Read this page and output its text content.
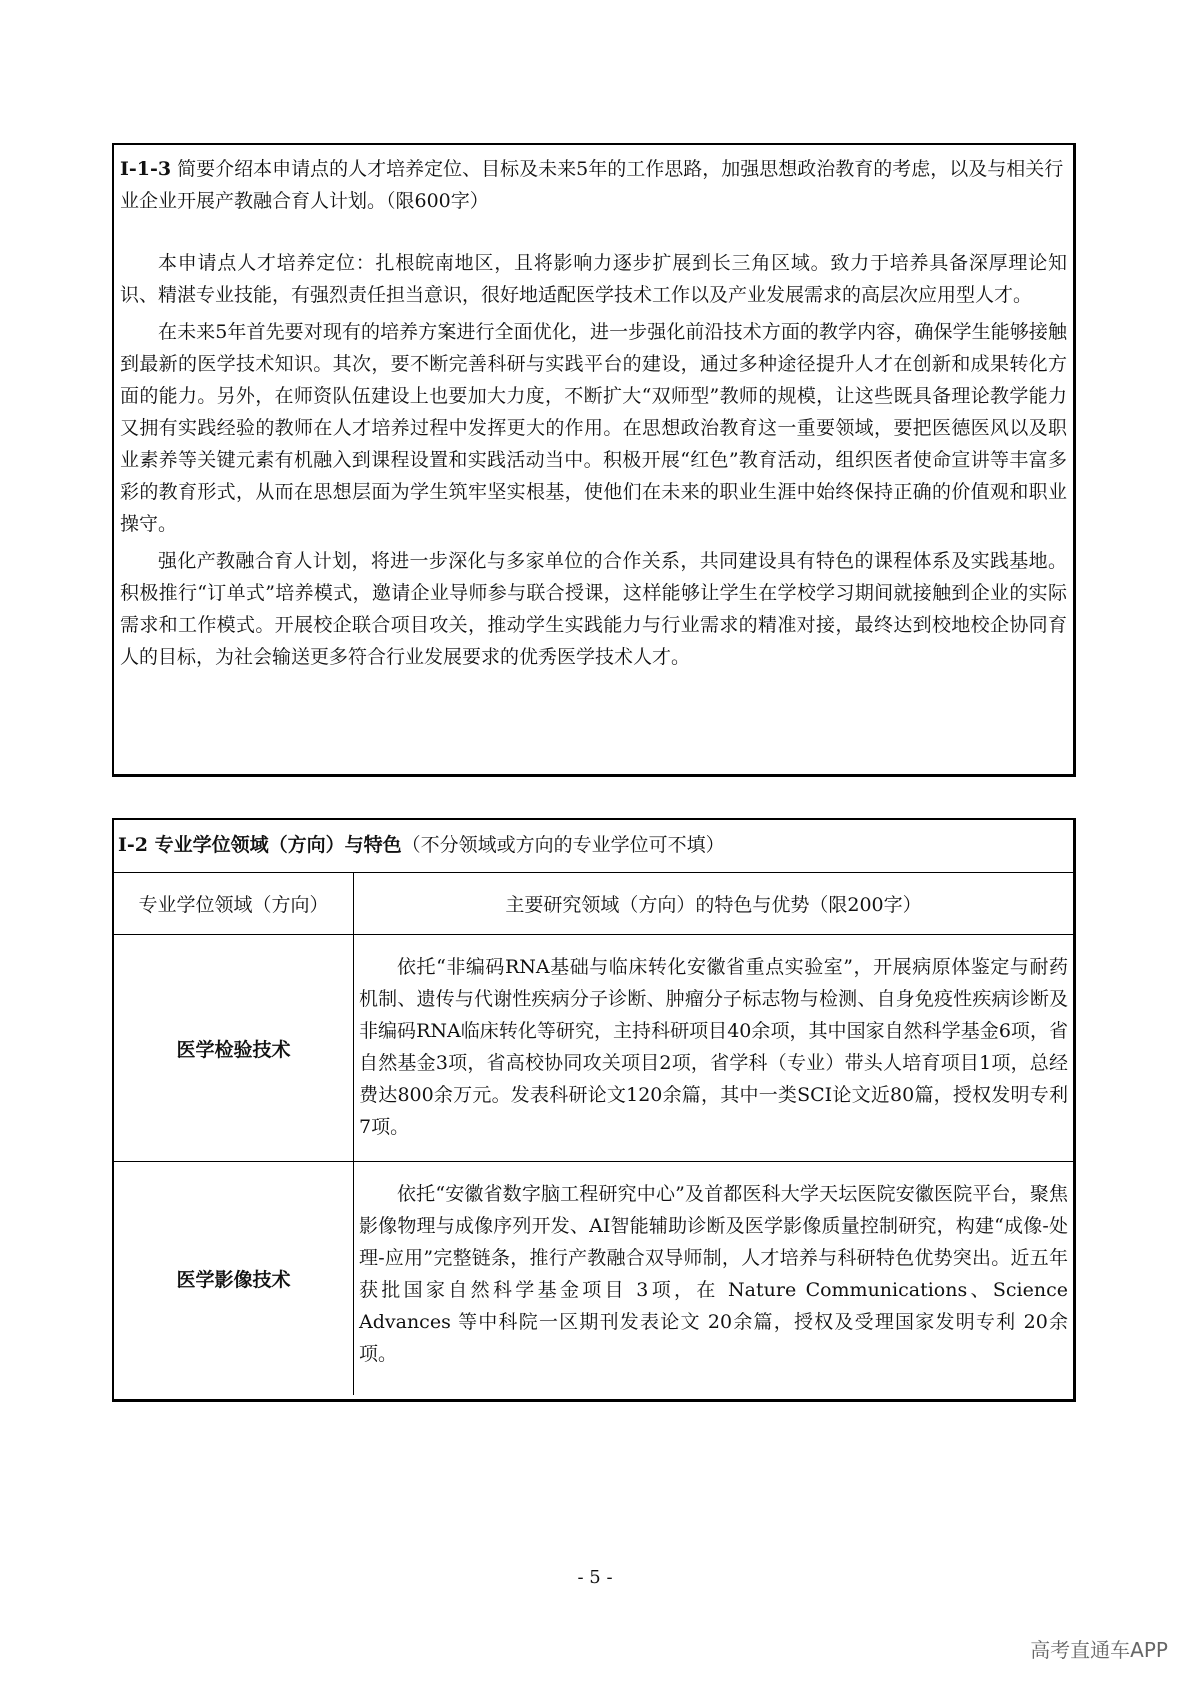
I-1-3 简要介绍本申请点的人才培养定位、目标及未来5年的工作思路，加强思想政治教育的考虑，以及与相关行业企业开展产教融合育人计划。（限600字）

本申请点人才培养定位：扎根皖南地区，且将影响力逐步扩展到长三角区域。致力于培养具备深厚理论知识、精湛专业技能，有强烈责任担当意识，很好地适配医学技术工作以及产业发展需求的高层次应用型人才。

在未来5年首先要对现有的培养方案进行全面优化，进一步强化前沿技术方面的教学内容，确保学生能够接触到最新的医学技术知识。其次，要不断完善科研与实践平台的建设，通过多种途径提升人才在创新和成果转化方面的能力。另外，在师资队伍建设上也要加大力度，不断扩大“双师型”教师的规模，让这些既具备理论教学能力又拥有实践经验的教师在人才培养过程中发挥更大的作用。在思想政治教育这一重要领域，要把医德医风以及职业素养等关键元素有机融入到课程设置和实践活动当中。积极开展“红色”教育活动，组织医者使命宣讲等丰富多彩的教育形式，从而在思想层面为学生筑牢坚实根基，使他们在未来的职业生涯中始终保持正确的价值观和职业操守。

强化产教融合育人计划，将进一步深化与多家单位的合作关系，共同建设具有特色的课程体系及实践基地。积极推行“订单式”培养模式，邀请企业导师参与联合授课，这样能够让学生在学校学习期间就接触到企业的实际需求和工作模式。开展校企联合项目攻关，推动学生实践能力与行业需求的精准对接，最终达到校地校企协同育人的目标，为社会输送更多符合行业发展要求的优秀医学技术人才。

I-2 专业学位领域（方向）与特色（不分领域或方向的专业学位可不填）
专业学位领域（方向）	主要研究领域（方向）的特色与优势（限200字）
医学检验技术

依托“非编码RNA基础与临床转化安徽省重点实验室”，开展病原体鉴定与耐药机制、遗传与代谢性疾病分子诊断、肿瘤分子标志物与检测、自身免疫性疾病诊断及非编码RNA临床转化等研究，主持科研项目40余项，其中国家自然科学基金6项，省自然基金3项，省高校协同攻关项目2项，省学科（专业）带头人培育项目1项，总经费达800余万元。发表科研论文120余篇，其中一类SCI论文近80篇，授权发明专利7项。

医学影像技术

依托“安徽省数字脑工程研究中心”及首都医科大学天坛医院安徽医院平台，聚焦影像物理与成像序列开发、AI智能辅助诊断及医学影像质量控制研究，构建“成像-处理-应用”完整链条，推行产教融合双导师制，人才培养与科研特色优势突出。近五年获批国家自然科学基金项目 3项，在 Nature Communications、Science Advances 等中科院一区期刊发表论文 20余篇，授权及受理国家发明专利 20余项。

- 5 -
高考直通车APP
